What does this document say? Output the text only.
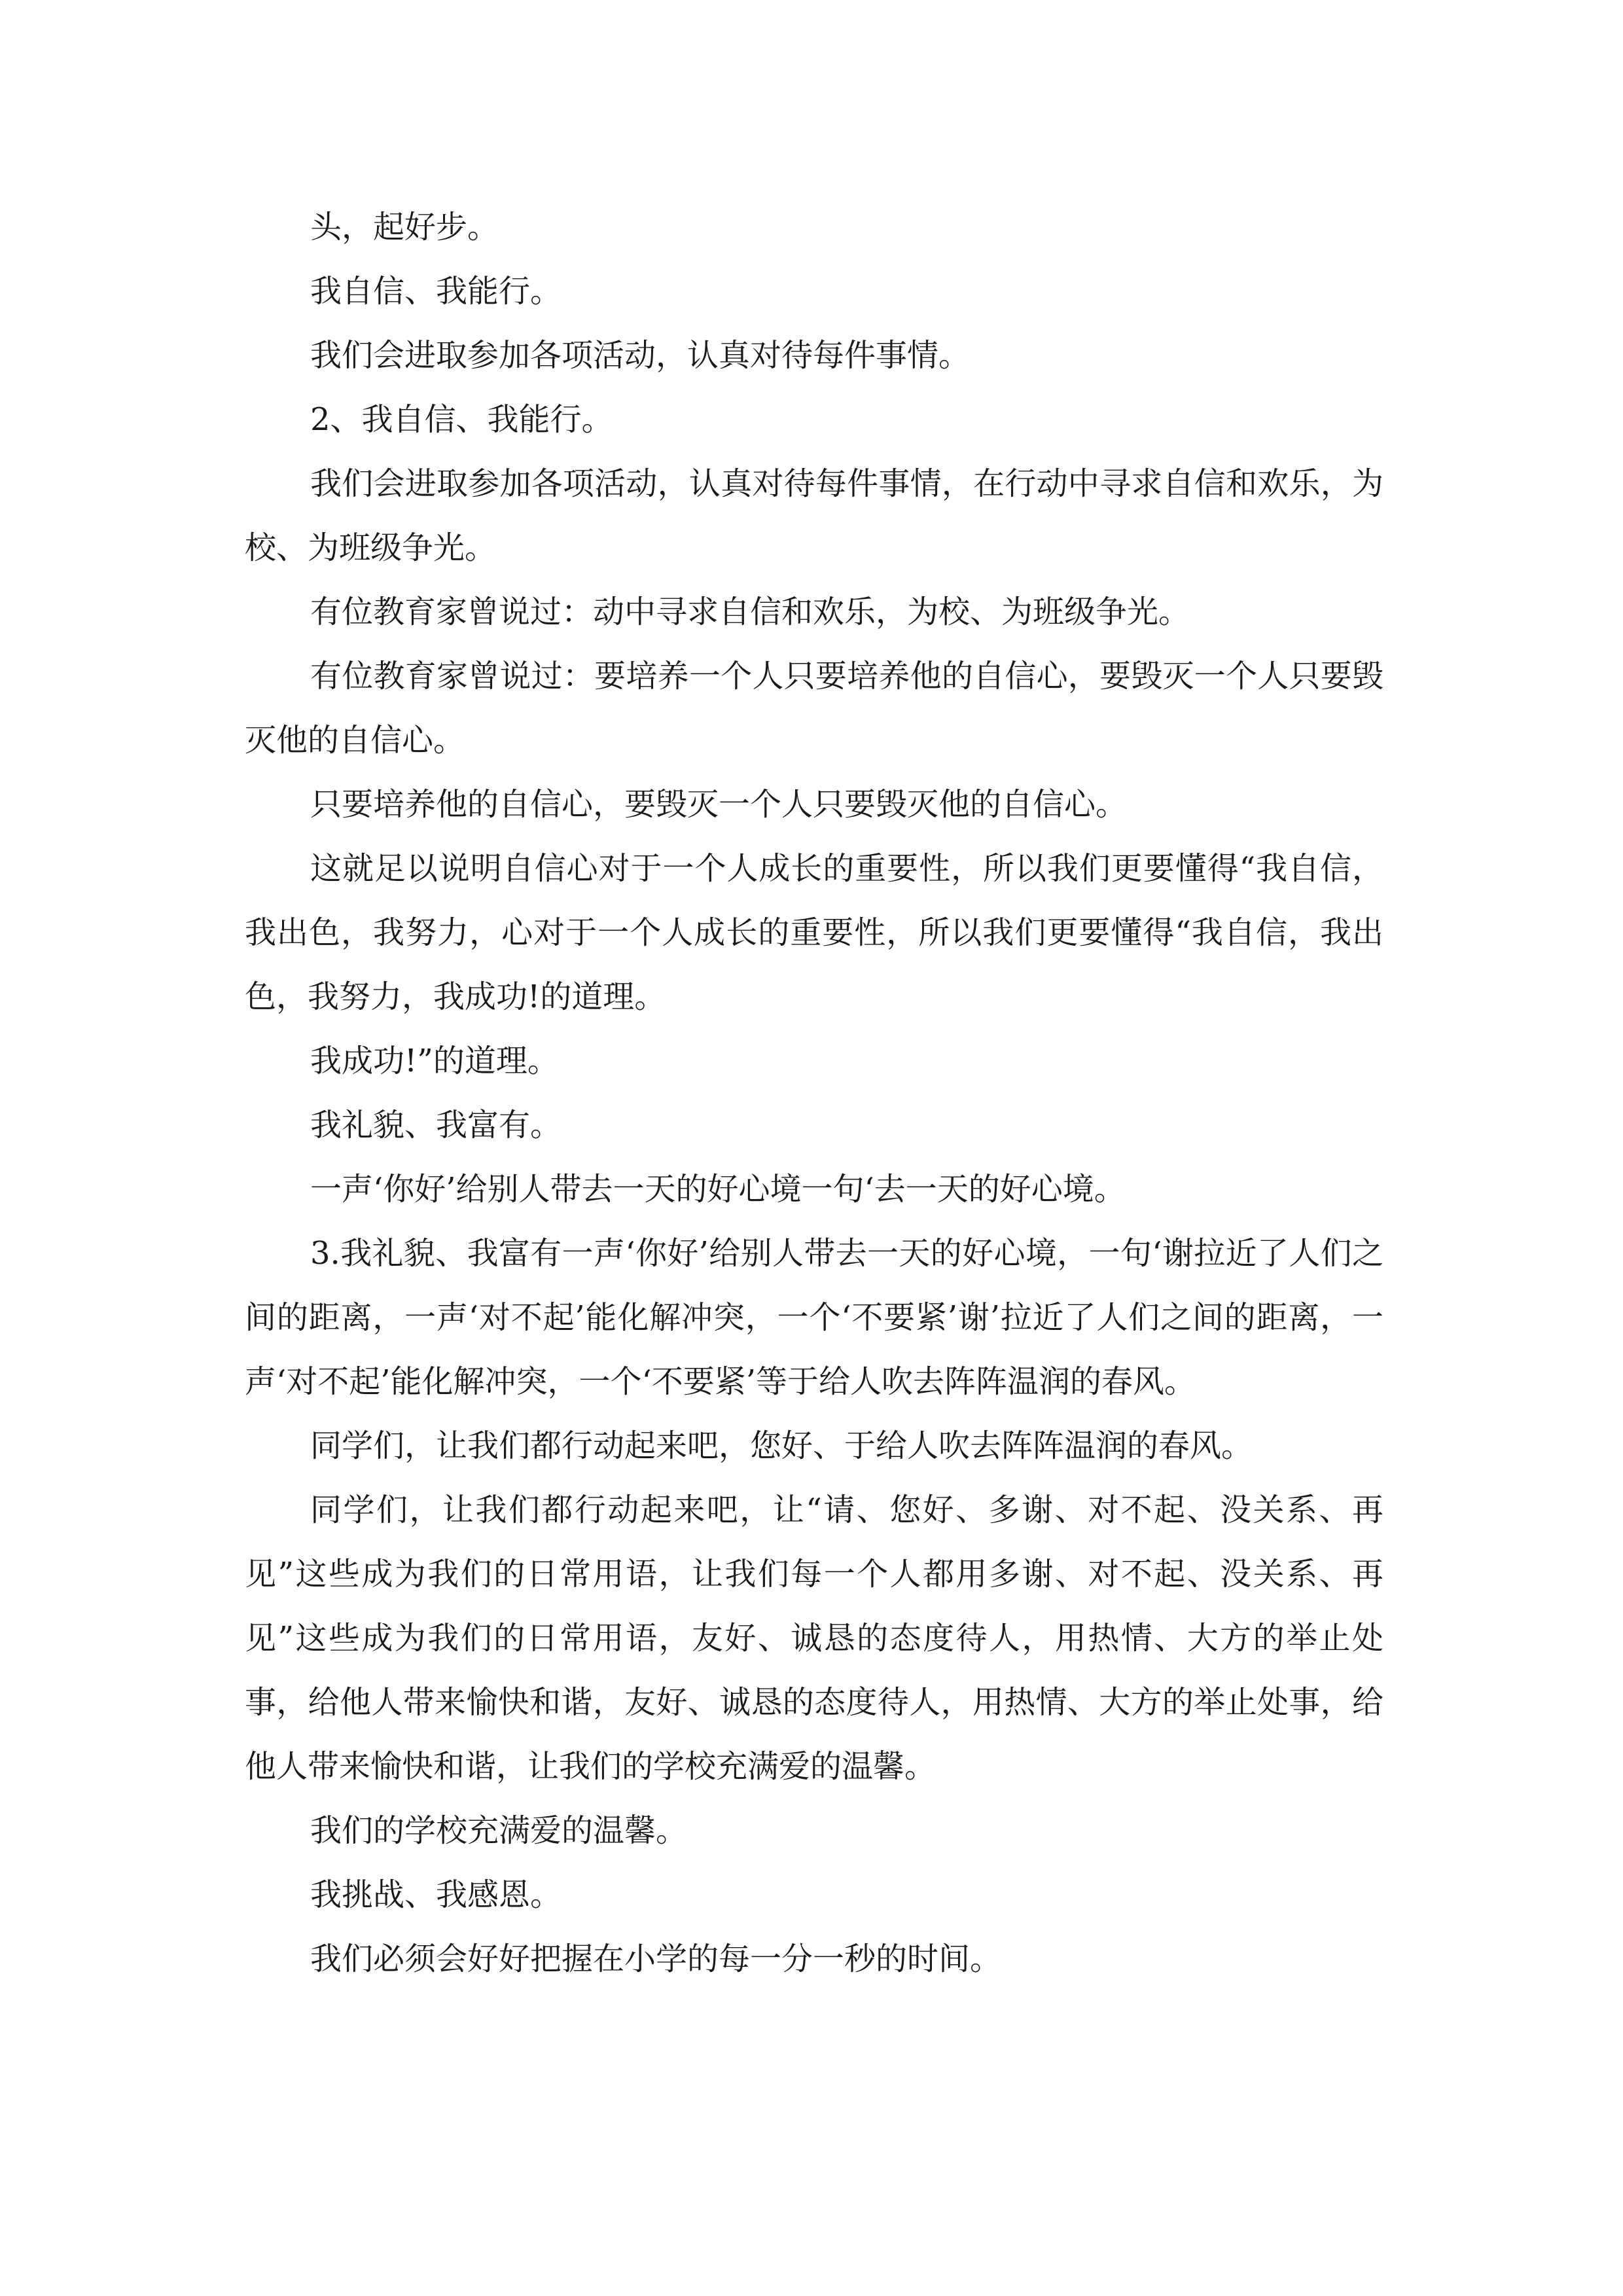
头，起好步。

我自信、我能行。

我们会进取参加各项活动，认真对待每件事情。

2、我自信、我能行。

我们会进取参加各项活动，认真对待每件事情，在行动中寻求自信和欢乐，为校、为班级争光。

有位教育家曾说过：动中寻求自信和欢乐，为校、为班级争光。

有位教育家曾说过：要培养一个人只要培养他的自信心，要毁灭一个人只要毁灭他的自信心。

只要培养他的自信心，要毁灭一个人只要毁灭他的自信心。

这就足以说明自信心对于一个人成长的重要性，所以我们更要懂得“我自信，我出色，我努力，心对于一个人成长的重要性，所以我们更要懂得“我自信，我出色，我努力，我成功!的道理。

我成功!”的道理。

我礼貌、我富有。

一声‘你好’给别人带去一天的好心境一句‘去一天的好心境。

3.我礼貌、我富有一声‘你好’给别人带去一天的好心境，一句‘谢拉近了人们之间的距离，一声‘对不起’能化解冲突，一个‘不要紧’谢’拉近了人们之间的距离，一声‘对不起’能化解冲突，一个‘不要紧’等于给人吹去阵阵温润的春风。

同学们，让我们都行动起来吧，您好、于给人吹去阵阵温润的春风。

同学们，让我们都行动起来吧，让“请、您好、多谢、对不起、没关系、再见”这些成为我们的日常用语，让我们每一个人都用多谢、对不起、没关系、再见”这些成为我们的日常用语，友好、诚恳的态度待人，用热情、大方的举止处事，给他人带来愉快和谐，友好、诚恳的态度待人，用热情、大方的举止处事，给他人带来愉快和谐，让我们的学校充满爱的温馨。

我们的学校充满爱的温馨。

我挑战、我感恩。

我们必须会好好把握在小学的每一分一秒的时间。
